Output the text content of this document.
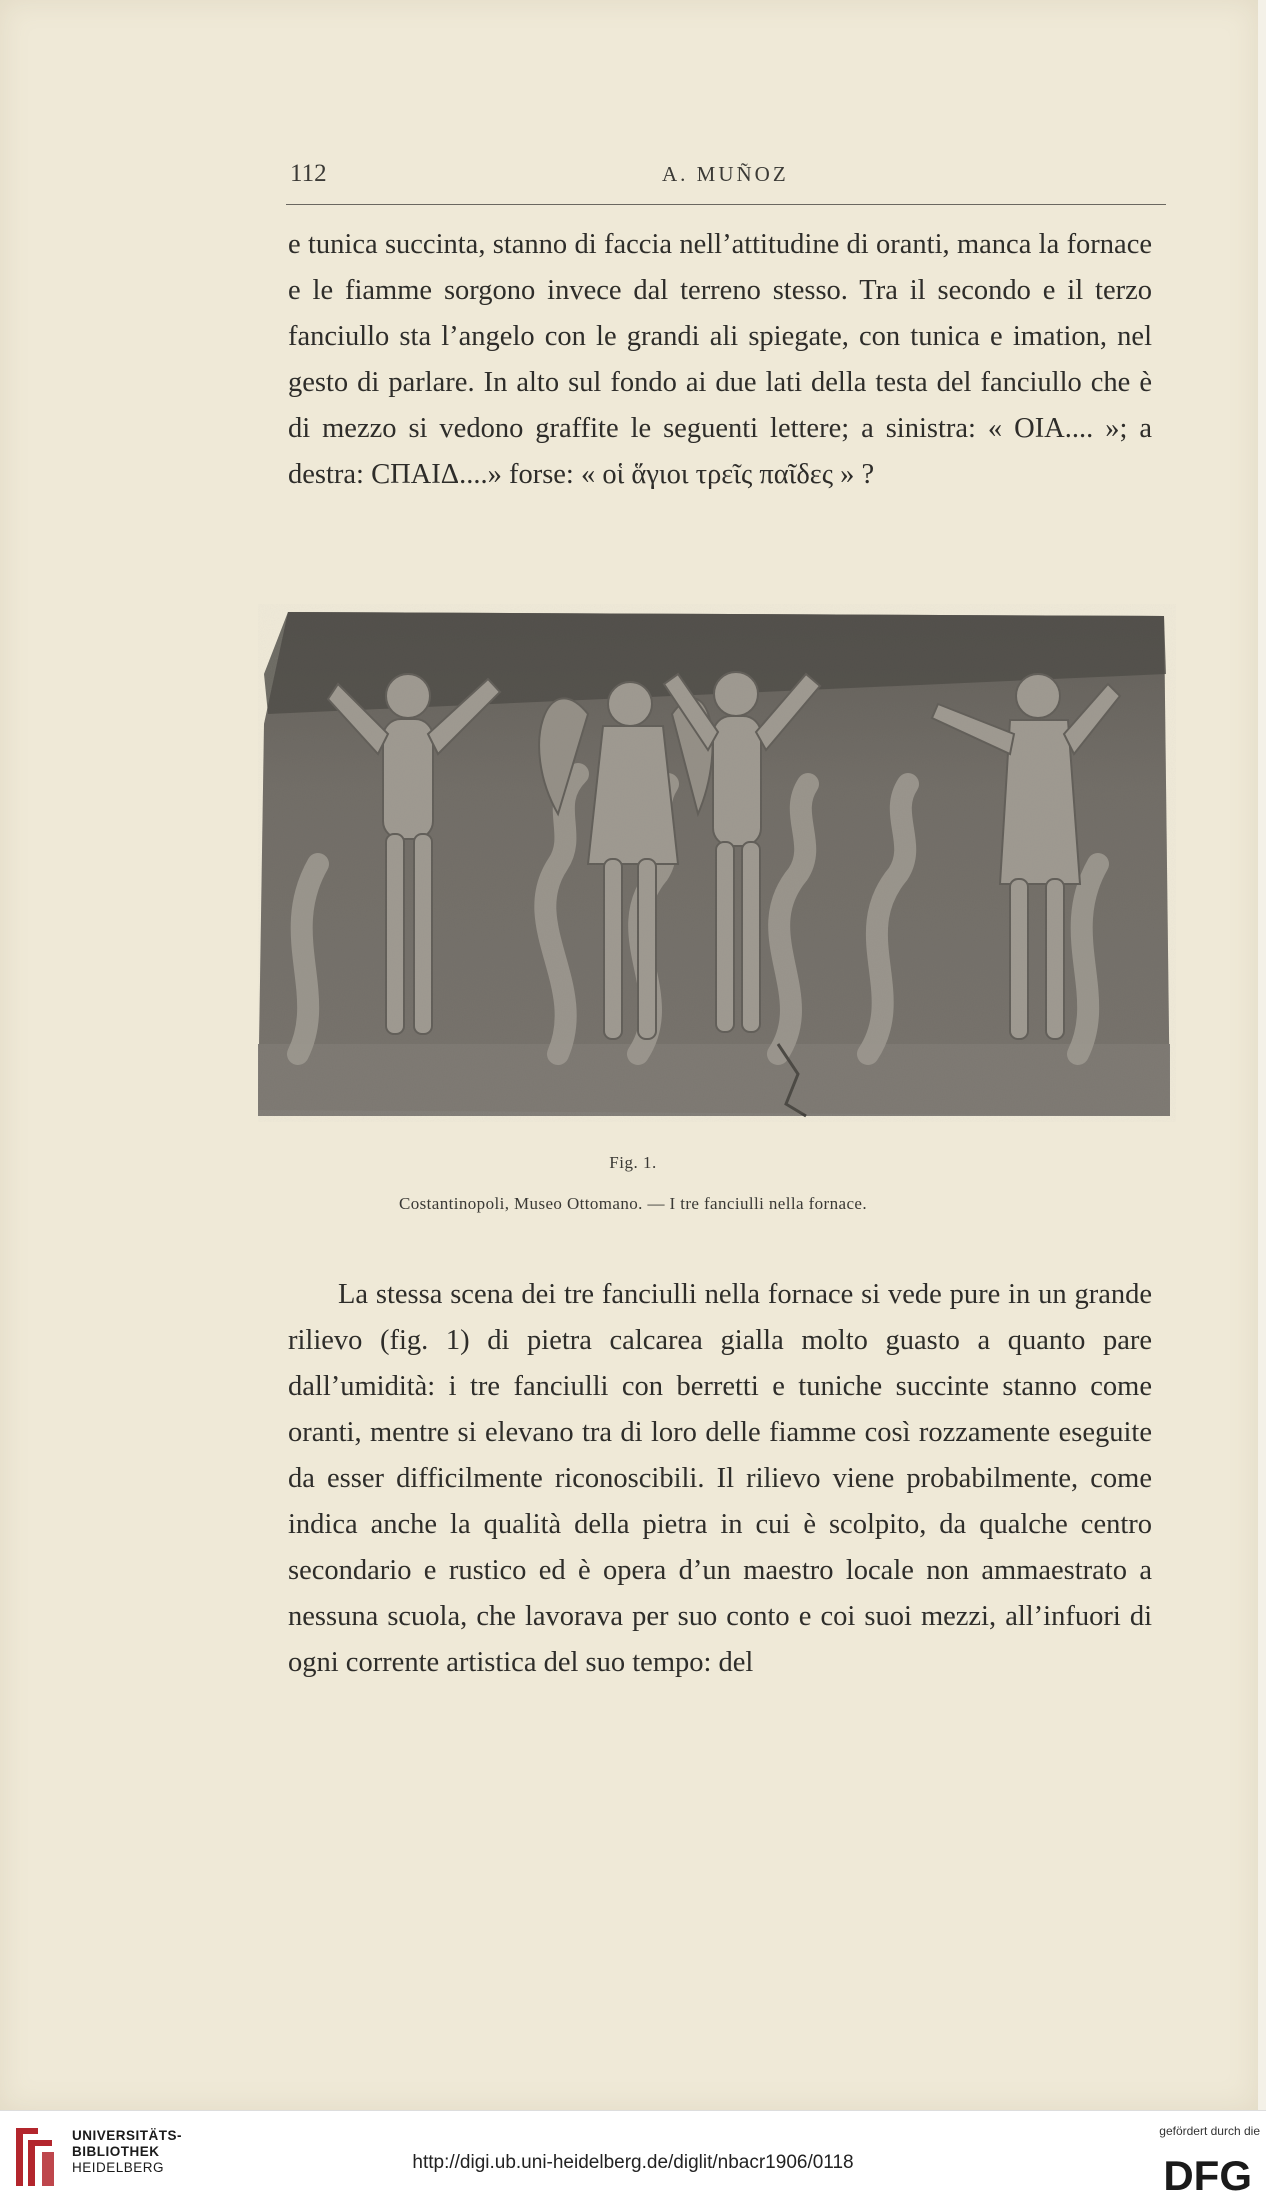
112	A. MUÑOZ

e tunica succinta, stanno di faccia nell’attitudine di oranti, manca la fornace e le fiamme sorgono invece dal terreno stesso. Tra il secondo e il terzo fanciullo sta l’angelo con le grandi ali spiegate, con tunica e imation, nel gesto di parlare. In alto sul fondo ai due lati della testa del fanciullo che è di mezzo si vedono graffite le seguenti lettere; a sinistra: « ΟΙΑ.... »; a destra: ϹΠΑΙΔ....» forse: « οἱ ἅγιοι τρεῖς παῖδες » ?

Fig. 1.
Costantinopoli, Museo Ottomano. — I tre fanciulli nella fornace.

La stessa scena dei tre fanciulli nella fornace si vede pure in un grande rilievo (fig. 1) di pietra calcarea gialla molto guasto a quanto pare dall’umidità: i tre fanciulli con berretti e tuniche succinte stanno come oranti, mentre si elevano tra di loro delle fiamme così rozzamente eseguite da esser difficilmente riconoscibili. Il rilievo viene probabilmente, come indica anche la qualità della pietra in cui è scolpito, da qualche centro secondario e rustico ed è opera d’un maestro locale non ammaestrato a nessuna scuola, che lavorava per suo conto e coi suoi mezzi, all’infuori di ogni corrente artistica del suo tempo: del

UNIVERSITÄTS-
BIBLIOTHEK
HEIDELBERG	http://digi.ub.uni-heidelberg.de/diglit/nbacr1906/0118
gefördert durch die
DFG
